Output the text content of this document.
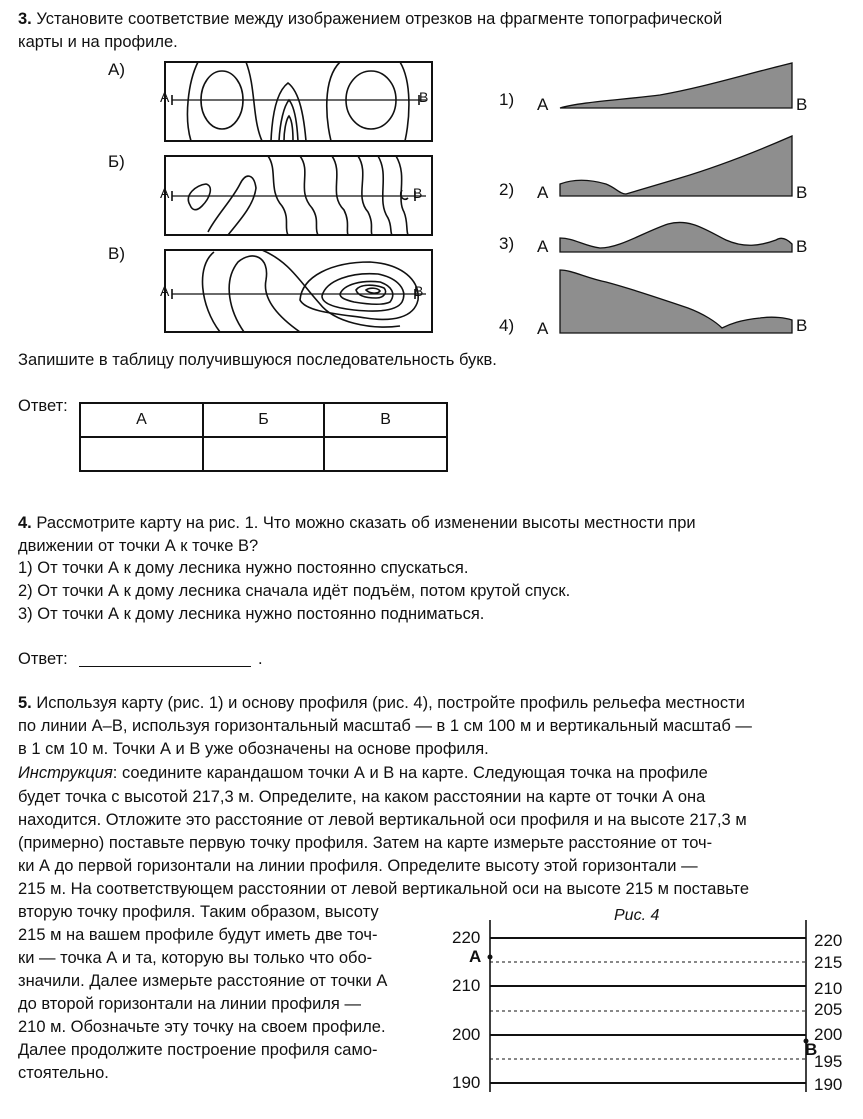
3. Установите соответствие между изображением отрезков на фрагменте топографической
карты и на профиле.
А)
Б)
В)
1) А	В
2) А	В
3) А	В
4) А	В
А	В
А	В
А	В
Запишите в таблицу получившуюся последовательность букв.
Ответ:
А	Б	В

4. Рассмотрите карту на рис. 1. Что можно сказать об изменении высоты местности при
движении от точки А к точке В?
1) От точки А к дому лесника нужно постоянно спускаться.
2) От точки А к дому лесника сначала идёт подъём, потом крутой спуск.
3) От точки А к дому лесника нужно постоянно подниматься.
Ответ:	.
5. Используя карту (рис. 1) и основу профиля (рис. 4), постройте профиль рельефа местности
по линии А–В, используя горизонтальный масштаб — в 1 см 100 м и вертикальный масштаб —
в 1 см 10 м. Точки А и В уже обозначены на основе профиля.
Инструкция: соедините карандашом точки А и В на карте. Следующая точка на профиле
будет точка с высотой 217,3 м. Определите, на каком расстоянии на карте от точки А она
находится. Отложите это расстояние от левой вертикальной оси профиля и на высоте 217,3 м
(примерно) поставьте первую точку профиля. Затем на карте измерьте расстояние от точ-
ки А до первой горизонтали на линии профиля. Определите высоту этой горизонтали —
215 м. На соответствующем расстоянии от левой вертикальной оси на высоте 215 м поставьте
вторую точку профиля. Таким образом, высоту
215 м на вашем профиле будут иметь две точ-
ки — точка А и та, которую вы только что обо-
значили. Далее измерьте расстояние от точки А
до второй горизонтали на линии профиля —
210 м. Обозначьте эту точку на своем профиле.
Далее продолжите построение профиля само-
стоятельно.
Рис. 4
220
210
200
190
А
220
215
210
205
200
195
190
В
